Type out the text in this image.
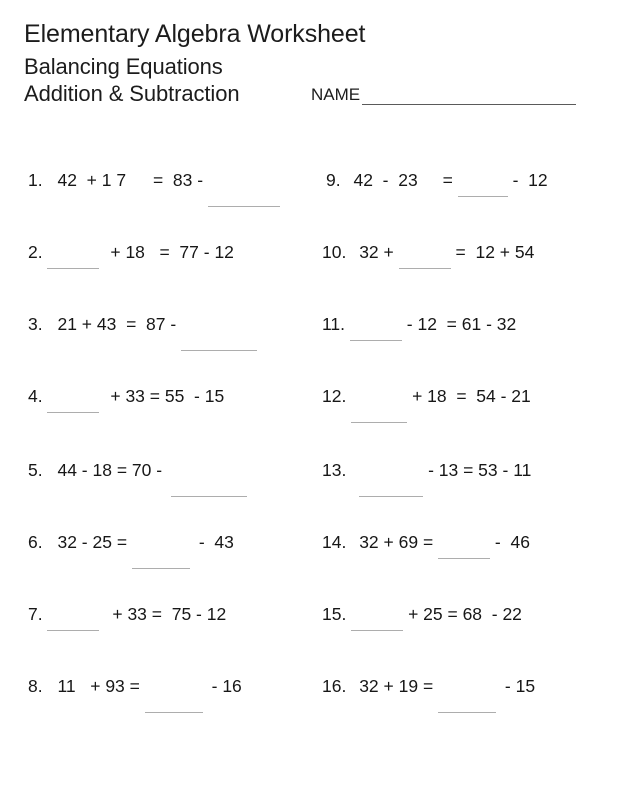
Elementary Algebra Worksheet
Balancing Equations
Addition & Subtraction	NAME
1. 42  + 1 7 =  83 -
2.	+ 18   =  77 - 12
3. 21 + 43  =  87 -
4.	+ 33 = 55  - 15
5. 44 - 18 = 70 -
6. 32 - 25 =	-  43
7.	+ 33 =  75 - 12
8. 11   + 93 =	- 16
9. 42  -  23 =	-  12
10. 32 +	=  12 + 54
11.	- 12  = 61 - 32
12.	+ 18  =  54 - 21
13.	- 13 = 53 - 11
14. 32 + 69 =	-  46
15.	+ 25 = 68  - 22
16. 32 + 19 =	- 15
